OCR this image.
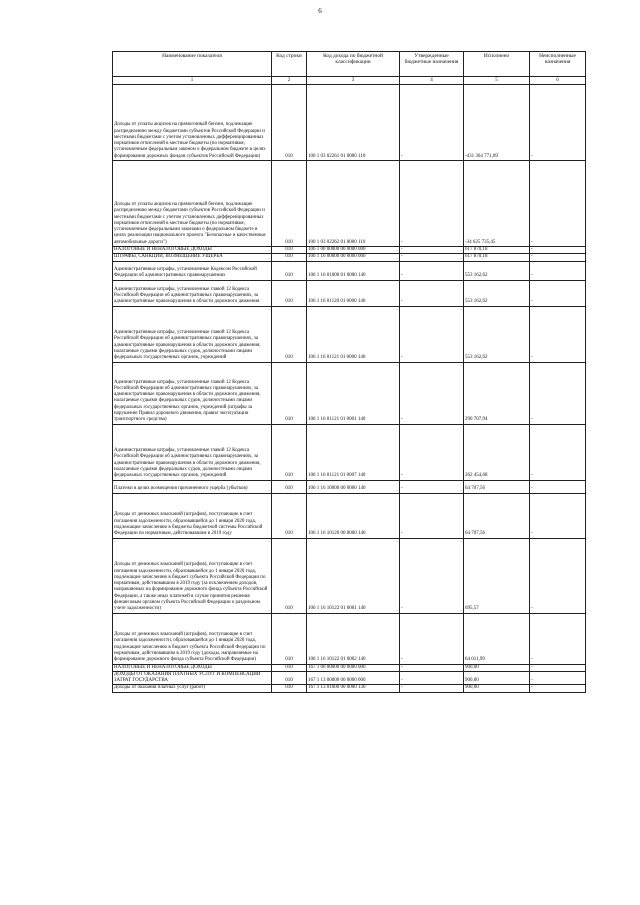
6
Наименование показателя	Код строки	Код дохода по бюджетной классификации	Утвержденные бюджетные назначения	Исполнено	Неисполненные назначения
1	2	3	4	5	6
Доходы от уплаты акцизов на прямогонный бензин, подлежащие распределению между бюджетами субъектов Российской Федерации и местными бюджетами с учетом установленных дифференцированных нормативов отчислений в местные бюджеты (по нормативам, установленным федеральным законом о федеральном бюджете в целях формирования дорожных фондов субъектов Российской Федерации)	010	100 1 03 02261 01 0000 110	-	-431 364 771,09	-
Доходы от уплаты акцизов на прямогонный бензин, подлежащие распределению между бюджетами субъектов Российской Федерации и местными бюджетами с учетом установленных дифференцированных нормативов отчислений в местные бюджеты (по нормативам, установленным федеральными законами о федеральном бюджете в целях реализации национального проекта "Безопасные и качественные автомобильные дороги")	010	100 1 03 02262 01 0000 110	-	-34 625 735,45	-
НАЛОГОВЫЕ И НЕНАЛОГОВЫЕ ДОХОДЫ	010	106 1 00 00000 00 0000 000	-	617 870,18	-
ШТРАФЫ, САНКЦИИ, ВОЗМЕЩЕНИЕ УЩЕРБА	010	106 1 16 00000 00 0000 000	-	617 870,18	-
Административные штрафы, установленные Кодексом Российской Федерации об административных правонарушениях	010	106 1 16 01000 01 0000 140	-	553 162,62	-
Административные штрафы, установленные главой 12 Кодекса Российской Федерации об административных правонарушениях, за административные правонарушения в области дорожного движения	010	106 1 16 01120 01 0000 140	-	553 162,62	-
Административные штрафы, установленные главой 12 Кодекса Российской Федерации об административных правонарушениях, за административные правонарушения в области дорожного движения, налагаемые судьями федеральных судов, должностными лицами федеральных государственных органов, учреждений	010	106 1 16 01121 01 0000 140	-	553 162,62	-
Административные штрафы, установленные главой 12 Кодекса Российской Федерации об административных правонарушениях, за административные правонарушения в области дорожного движения, налагаемые судьями федеральных судов, должностными лицами федеральных государственных органов, учреждений (штрафы за нарушение Правил дорожного движения, правил эксплуатации транспортного средства)	010	106 1 16 01121 01 0001 140	-	290 707,94	-
Административные штрафы, установленные главой 12 Кодекса Российской Федерации об административных правонарушениях, за административные правонарушения в области дорожного движения, налагаемые судьями федеральных судов, должностными лицами федеральных государственных органов, учреждений	010	106 1 16 01121 01 0007 140	-	262 454,68	-
Платежи в целях возмещения причиненного ущерба (убытков)	010	106 1 16 10000 00 0000 140	-	64 707,56	-
Доходы от денежных взысканий (штрафов), поступающие в счет погашения задолженности, образовавшейся до 1 января 2020 года, подлежащие зачислению в бюджеты бюджетной системы Российской Федерации по нормативам, действовавшим в 2019 году	010	106 1 16 10120 00 0000 140	-	64 707,56	-
Доходы от денежных взысканий (штрафов), поступающие в счет погашения задолженности, образовавшейся до 1 января 2020 года, подлежащие зачислению в бюджет субъекта Российской Федерации по нормативам, действовавшим в 2019 году (за исключением доходов, направляемых на формирование дорожного фонда субъекта Российской Федерации, а также иных платежей в случае принятия решения финансовым органом субъекта Российской Федерации о раздельном учете задолженности)	010	106 1 16 10122 01 0001 140	-	695,57	-
Доходы от денежных взысканий (штрафов), поступающие в счет погашения задолженности, образовавшейся до 1 января 2020 года, подлежащие зачислению в бюджет субъекта Российской Федерации по нормативам, действовавшим в 2019 году (доходы, направляемые на формирование дорожного фонда субъекта Российской Федерации)	010	106 1 16 10122 01 0002 140	-	64 011,99	-
НАЛОГОВЫЕ И НЕНАЛОГОВЫЕ ДОХОДЫ	010	167 1 00 00000 00 0000 000	-	900,00	-
ДОХОДЫ ОТ ОКАЗАНИЯ ПЛАТНЫХ УСЛУГ И КОМПЕНСАЦИИ ЗАТРАТ ГОСУДАРСТВА	010	167 1 13 00000 00 0000 000	-	900,00	-
Доходы от оказания платных услуг (работ)	010	167 1 13 01000 00 0000 130	-	900,00	-
